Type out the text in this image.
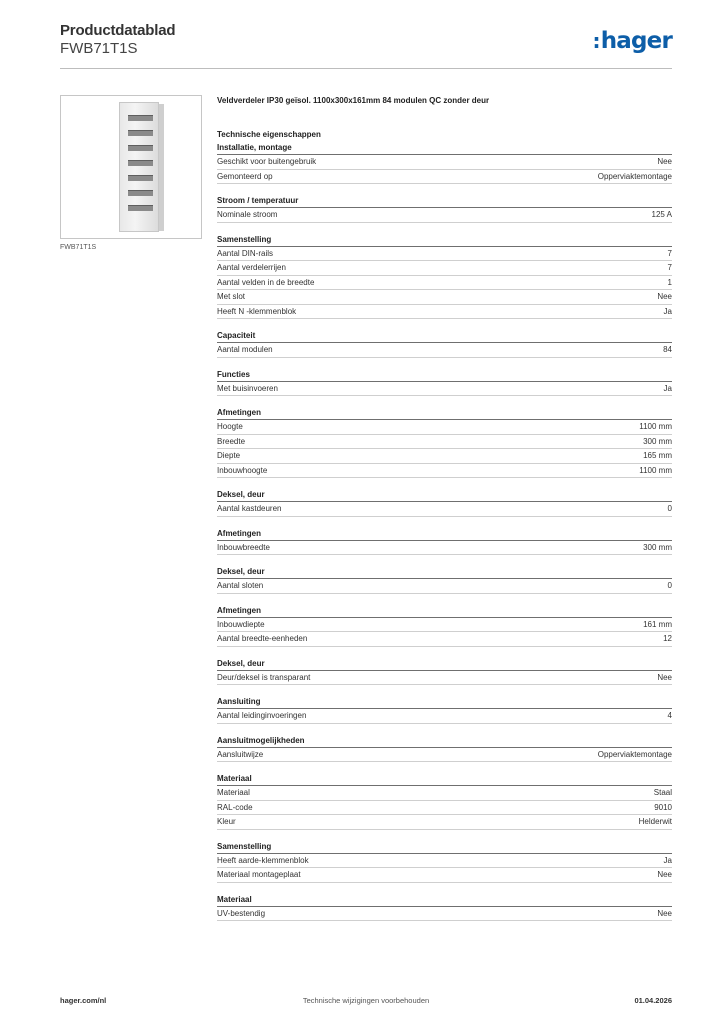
Productdatablad
FWB71T1S	:hager
FWB71T1S
Veldverdeler IP30 geïsol. 1100x300x161mm 84 modulen QC zonder deur
Technische eigenschappen
Installatie, montage
Geschikt voor buitengebruik	Nee
Gemonteerd op	Opperviaktemontage
Stroom / temperatuur
Nominale stroom	125 A
Samenstelling
Aantal DIN-rails	7
Aantal verdelerrijen	7
Aantal velden in de breedte	1
Met slot	Nee
Heeft N -klemmenblok	Ja
Capaciteit
Aantal modulen	84
Functies
Met buisinvoeren	Ja
Afmetingen
Hoogte	1100 mm
Breedte	300 mm
Diepte	165 mm
Inbouwhoogte	1100 mm
Deksel, deur
Aantal kastdeuren	0
Afmetingen
Inbouwbreedte	300 mm
Deksel, deur
Aantal sloten	0
Afmetingen
Inbouwdiepte	161 mm
Aantal breedte-eenheden	12
Deksel, deur
Deur/deksel is transparant	Nee
Aansluiting
Aantal leidinginvoeringen	4
Aansluitmogelijkheden
Aansluitwijze	Opperviaktemontage
Materiaal
Materiaal	Staal
RAL-code	9010
Kleur	Helderwit
Samenstelling
Heeft aarde-klemmenblok	Ja
Materiaal montageplaat	Nee
Materiaal
UV-bestendig	Nee
Technische wijzigingen voorbehouden
hager.com/nl	01.04.2026
